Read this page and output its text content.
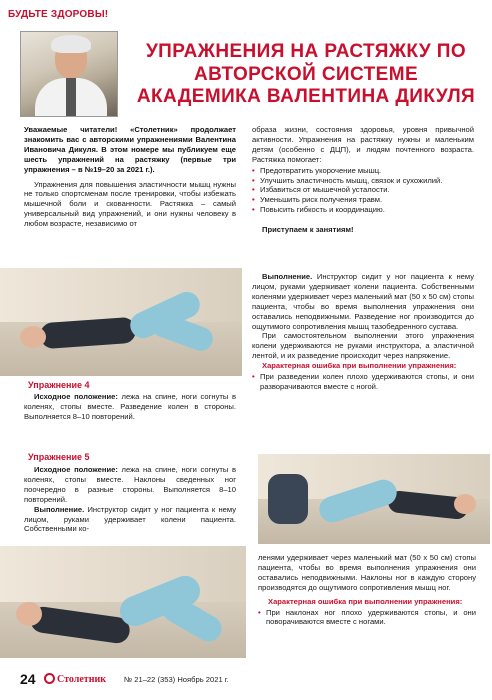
БУДЬТЕ ЗДОРОВЫ!
УПРАЖНЕНИЯ НА РАСТЯЖКУ ПО АВТОРСКОЙ СИСТЕМЕ АКАДЕМИКА ВАЛЕНТИНА ДИКУЛЯ

Уважаемые читатели! «Столетник» продолжает знакомить вас с авторскими упражнениями Валентина Ивановича Дикуля. В этом номере мы публикуем еще шесть упражнений на растяжку (первые три упражнения – в №19–20 за 2021 г.).

Упражнения для повышения эластичности мышц нужны не только спортсменам после тренировки, чтобы избежать мышечной боли и скованности. Растяжка – самый универсальный вид упражнений, и они нужны человеку в любом возрасте, независимо от

образа жизни, состояния здоровья, уровня привычной активности. Упражнения на растяжку нужны и маленьким детям (особенно с ДЦП), и людям почтенного возраста. Растяжка помогает:

• Предотвратить укорочение мышц.
• Улучшить эластичность мышц, связок и сухожилий.
• Избавиться от мышечной усталости.
• Уменьшить риск получения травм.
• Повысить гибкость и координацию.

Приступаем к занятиям!

Выполнение. Инструктор сидит у ног пациента к нему лицом, руками удерживает колени пациента. Собственными коленями удерживает через маленький мат (50 х 50 см) стопы пациента, чтобы во время выполнения упражнения они оставались неподвижными. Разведение ног производится до ощутимого сопротивления мышц тазобедренного сустава.

При самостоятельном выполнении этого упражнения колени удерживаются не руками инструктора, а эластичной лентой, и их разведение происходит через напряжение.

Характерная ошибка при выполнении упражнения:

• При разведении колен плохо удерживаются стопы, и они разворачиваются вместе с ногой.
Упражнение 4

Исходное положение: лежа на спине, ноги согнуты в коленях, стопы вместе. Разведение колен в стороны. Выполняется 8–10 повторений.

Упражнение 5

Исходное положение: лежа на спине, ноги согнуты в коленях, стопы вместе. Наклоны сведенных ног поочередно в разные стороны. Выполняется 8–10 повторений.

Выполнение. Инструктор сидит у ног пациента к нему лицом, руками удерживает колени пациента. Собственными ко-

ленями удерживает через маленький мат (50 х 50 см) стопы пациента, чтобы во время выполнения упражнения они оставались неподвижными. Наклоны ног в каждую сторону производятся до ощутимого сопротивления мышц ног.

Характерная ошибка при выполнении упражнения:

• При наклонах ног плохо удерживаются стопы, и они поворачиваются вместе с ногами.
24	Столетник № 21–22 (353) Ноябрь 2021 г.
